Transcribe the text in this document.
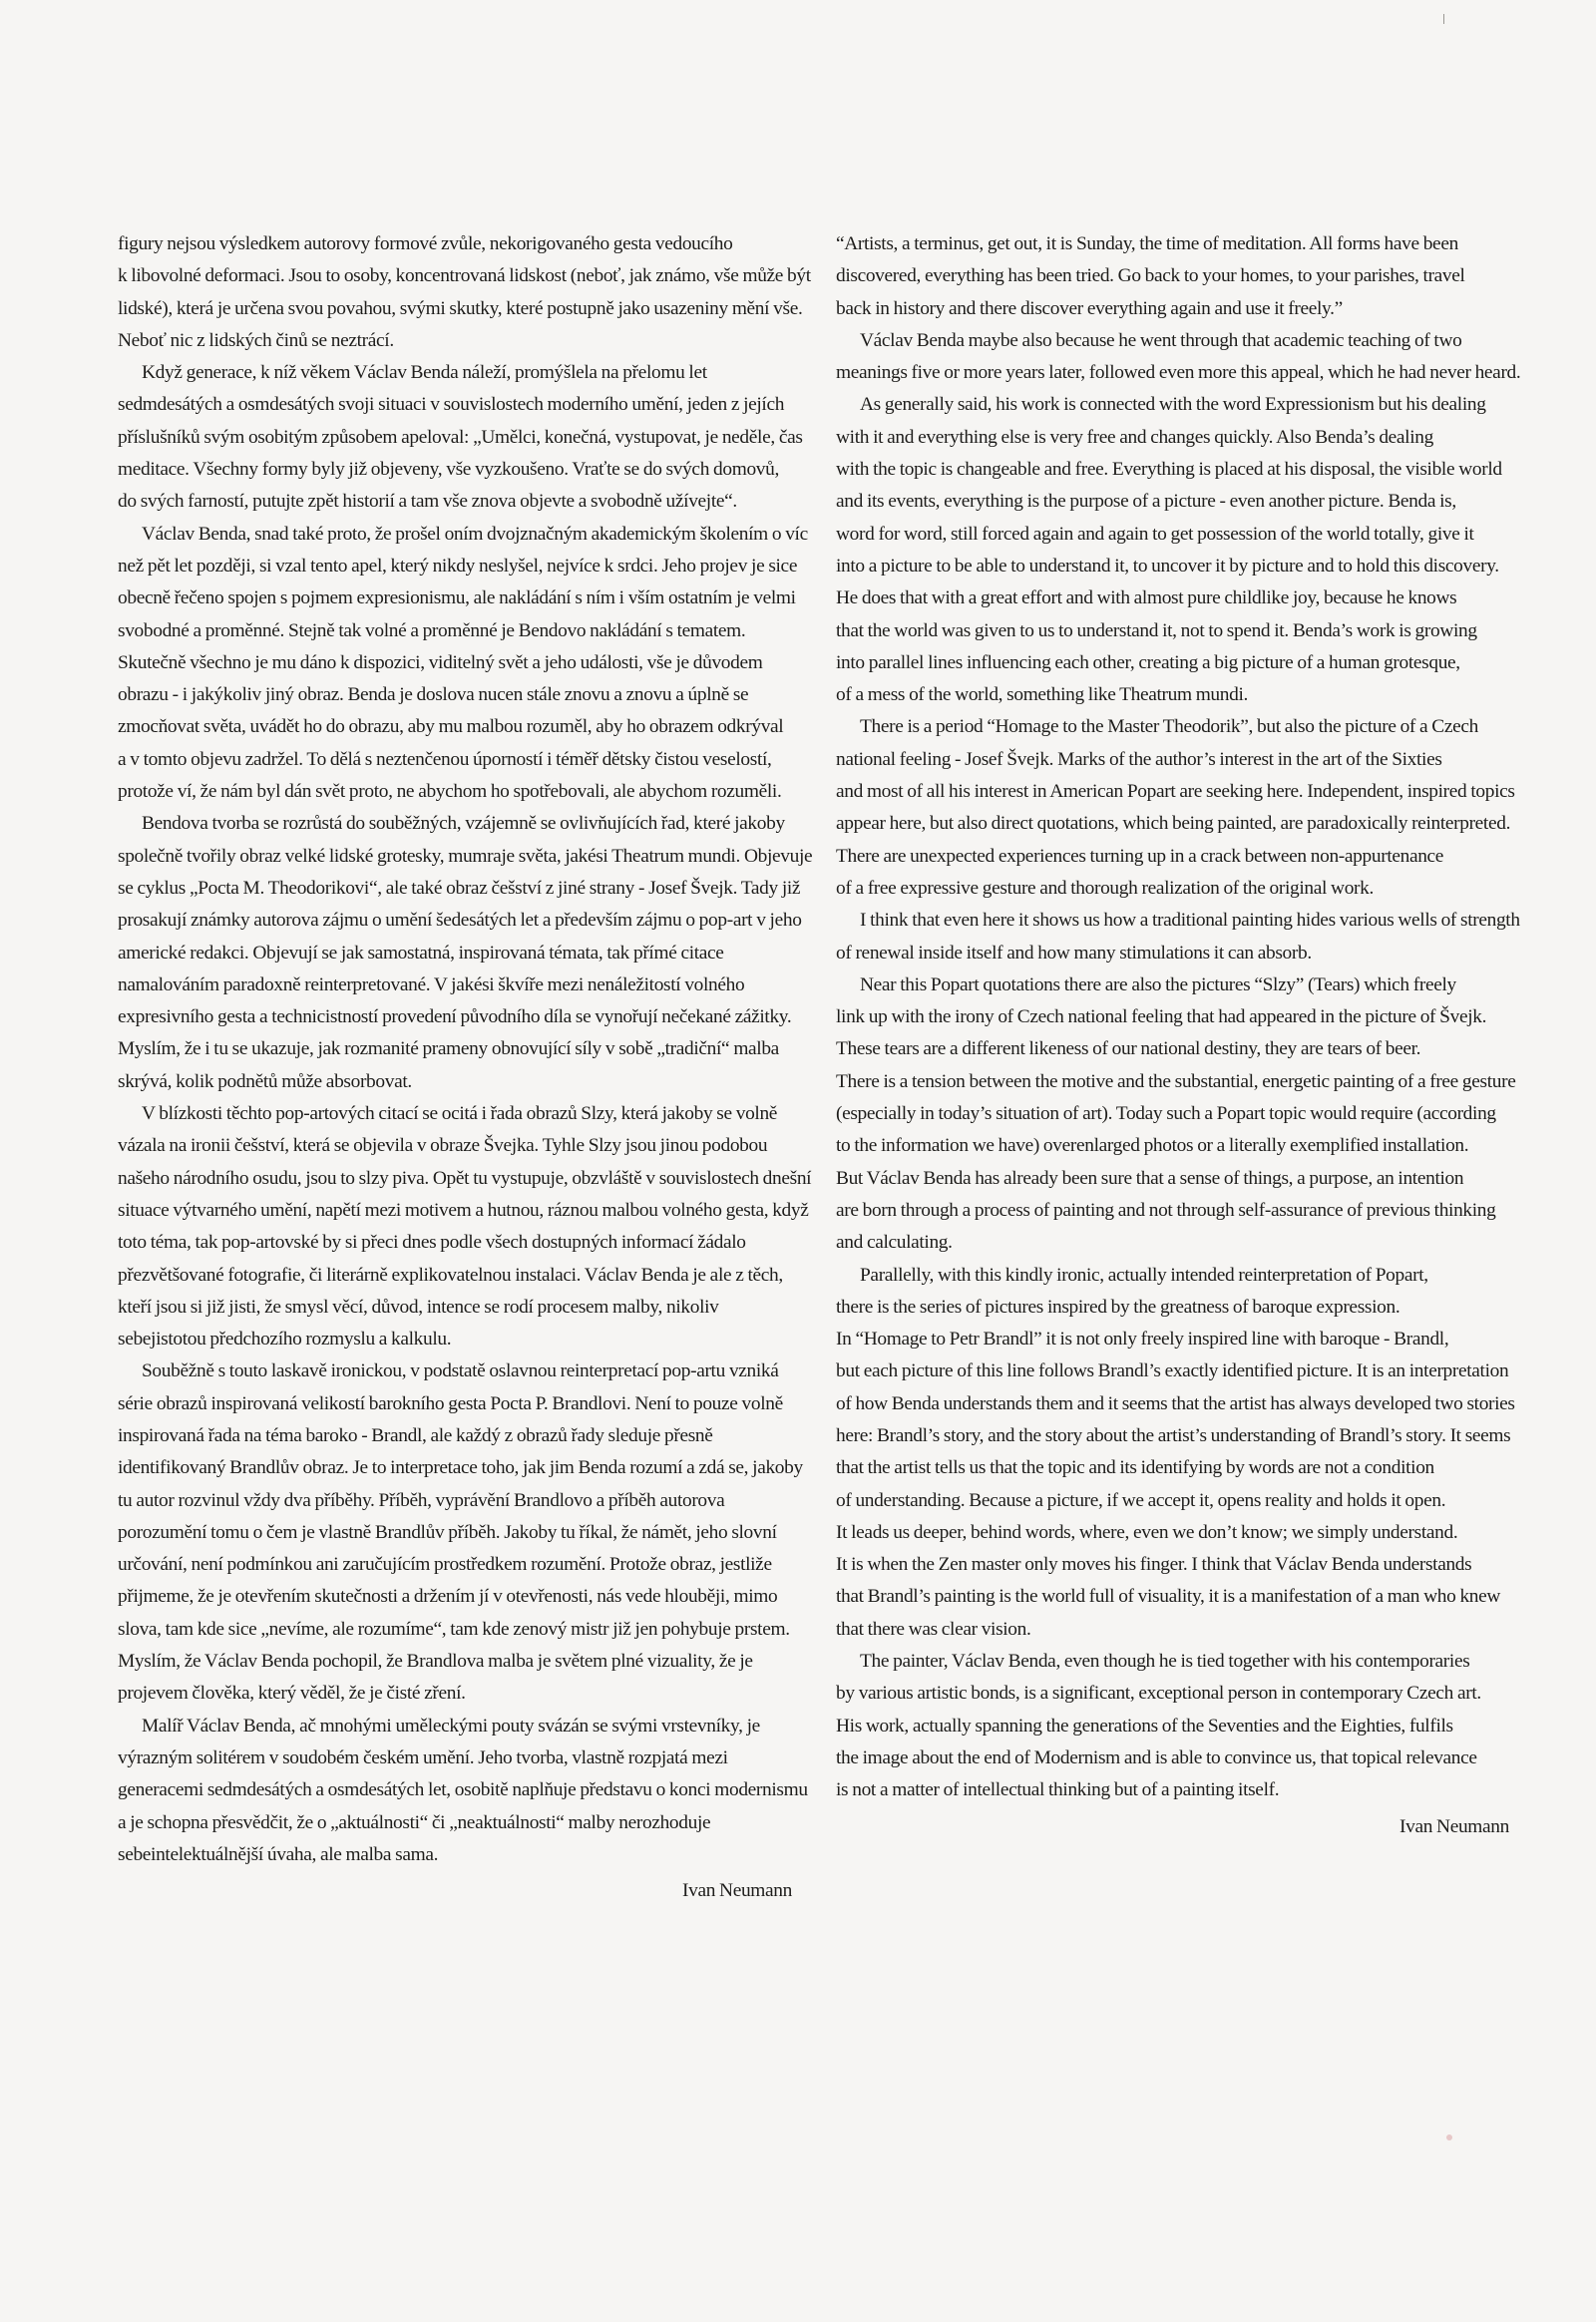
figury nejsou výsledkem autorovy formové zvůle, nekorigovaného gesta vedoucího
k libovolné deformaci. Jsou to osoby, koncentrovaná lidskost (neboť, jak známo, vše může být
lidské), která je určena svou povahou, svými skutky, které postupně jako usazeniny mění vše.
Neboť nic z lidských činů se neztrácí.

Když generace, k níž věkem Václav Benda náleží, promýšlela na přelomu let
sedmdesátých a osmdesátých svoji situaci v souvislostech moderního umění, jeden z jejích
příslušníků svým osobitým způsobem apeloval: „Umělci, konečná, vystupovat, je neděle, čas
meditace. Všechny formy byly již objeveny, vše vyzkoušeno. Vraťte se do svých domovů,
do svých farností, putujte zpět historií a tam vše znova objevte a svobodně užívejte“.

Václav Benda, snad také proto, že prošel oním dvojznačným akademickým školením o víc
než pět let později, si vzal tento apel, který nikdy neslyšel, nejvíce k srdci. Jeho projev je sice
obecně řečeno spojen s pojmem expresionismu, ale nakládání s ním i vším ostatním je velmi
svobodné a proměnné. Stejně tak volné a proměnné je Bendovo nakládání s tematem.
Skutečně všechno je mu dáno k dispozici, viditelný svět a jeho události, vše je důvodem
obrazu - i jakýkoliv jiný obraz. Benda je doslova nucen stále znovu a znovu a úplně se
zmocňovat světa, uvádět ho do obrazu, aby mu malbou rozuměl, aby ho obrazem odkrýval
a v tomto objevu zadržel. To dělá s neztenčenou úporností i téměř dětsky čistou veselostí,
protože ví, že nám byl dán svět proto, ne abychom ho spotřebovali, ale abychom rozuměli.

Bendova tvorba se rozrůstá do souběžných, vzájemně se ovlivňujících řad, které jakoby
společně tvořily obraz velké lidské grotesky, mumraje světa, jakési Theatrum mundi. Objevuje
se cyklus „Pocta M. Theodorikovi“, ale také obraz češství z jiné strany - Josef Švejk. Tady již
prosakují známky autorova zájmu o umění šedesátých let a především zájmu o pop-art v jeho
americké redakci. Objevují se jak samostatná, inspirovaná témata, tak přímé citace
namalováním paradoxně reinterpretované. V jakési škvíře mezi nenáležitostí volného
expresivního gesta a technicistností provedení původního díla se vynořují nečekané zážitky.
Myslím, že i tu se ukazuje, jak rozmanité prameny obnovující síly v sobě „tradiční“ malba
skrývá, kolik podnětů může absorbovat.

V blízkosti těchto pop-artových citací se ocitá i řada obrazů Slzy, která jakoby se volně
vázala na ironii češství, která se objevila v obraze Švejka. Tyhle Slzy jsou jinou podobou
našeho národního osudu, jsou to slzy piva. Opět tu vystupuje, obzvláště v souvislostech dnešní
situace výtvarného umění, napětí mezi motivem a hutnou, ráznou malbou volného gesta, když
toto téma, tak pop-artovské by si přeci dnes podle všech dostupných informací žádalo
přezvětšované fotografie, či literárně explikovatelnou instalaci. Václav Benda je ale z těch,
kteří jsou si již jisti, že smysl věcí, důvod, intence se rodí procesem malby, nikoliv
sebejistotou předchozího rozmyslu a kalkulu.

Souběžně s touto laskavě ironickou, v podstatě oslavnou reinterpretací pop-artu vzniká
série obrazů inspirovaná velikostí barokního gesta Pocta P. Brandlovi. Není to pouze volně
inspirovaná řada na téma baroko - Brandl, ale každý z obrazů řady sleduje přesně
identifikovaný Brandlův obraz. Je to interpretace toho, jak jim Benda rozumí a zdá se, jakoby
tu autor rozvinul vždy dva příběhy. Příběh, vyprávění Brandlovo a příběh autorova
porozumění tomu o čem je vlastně Brandlův příběh. Jakoby tu říkal, že námět, jeho slovní
určování, není podmínkou ani zaručujícím prostředkem rozumění. Protože obraz, jestliže
přijmeme, že je otevřením skutečnosti a držením jí v otevřenosti, nás vede hlouběji, mimo
slova, tam kde sice „nevíme, ale rozumíme“, tam kde zenový mistr již jen pohybuje prstem.
Myslím, že Václav Benda pochopil, že Brandlova malba je světem plné vizuality, že je
projevem člověka, který věděl, že je čisté zření.

Malíř Václav Benda, ač mnohými uměleckými pouty svázán se svými vrstevníky, je
výrazným solitérem v soudobém českém umění. Jeho tvorba, vlastně rozpjatá mezi
generacemi sedmdesátých a osmdesátých let, osobitě naplňuje představu o konci modernismu
a je schopna přesvědčit, že o „aktuálnosti“ či „neaktuálnosti“ malby nerozhoduje
sebeintelektuálnější úvaha, ale malba sama.

Ivan Neumann

“Artists, a terminus, get out, it is Sunday, the time of meditation. All forms have been
discovered, everything has been tried. Go back to your homes, to your parishes, travel
back in history and there discover everything again and use it freely.”

Václav Benda maybe also because he went through that academic teaching of two
meanings five or more years later, followed even more this appeal, which he had never heard.

As generally said, his work is connected with the word Expressionism but his dealing
with it and everything else is very free and changes quickly. Also Benda’s dealing
with the topic is changeable and free. Everything is placed at his disposal, the visible world
and its events, everything is the purpose of a picture - even another picture. Benda is,
word for word, still forced again and again to get possession of the world totally, give it
into a picture to be able to understand it, to uncover it by picture and to hold this discovery.
He does that with a great effort and with almost pure childlike joy, because he knows
that the world was given to us to understand it, not to spend it. Benda’s work is growing
into parallel lines influencing each other, creating a big picture of a human grotesque,
of a mess of the world, something like Theatrum mundi.

There is a period “Homage to the Master Theodorik”, but also the picture of a Czech
national feeling - Josef Švejk. Marks of the author’s interest in the art of the Sixties
and most of all his interest in American Popart are seeking here. Independent, inspired topics
appear here, but also direct quotations, which being painted, are paradoxically reinterpreted.
There are unexpected experiences turning up in a crack between non-appurtenance
of a free expressive gesture and thorough realization of the original work.

I think that even here it shows us how a traditional painting hides various wells of strength
of renewal inside itself and how many stimulations it can absorb.

Near this Popart quotations there are also the pictures “Slzy” (Tears) which freely
link up with the irony of Czech national feeling that had appeared in the picture of Švejk.
These tears are a different likeness of our national destiny, they are tears of beer.
There is a tension between the motive and the substantial, energetic painting of a free gesture
(especially in today’s situation of art). Today such a Popart topic would require (according
to the information we have) overenlarged photos or a literally exemplified installation.
But Václav Benda has already been sure that a sense of things, a purpose, an intention
are born through a process of painting and not through self-assurance of previous thinking
and calculating.

Parallelly, with this kindly ironic, actually intended reinterpretation of Popart,
there is the series of pictures inspired by the greatness of baroque expression.
In “Homage to Petr Brandl” it is not only freely inspired line with baroque - Brandl,
but each picture of this line follows Brandl’s exactly identified picture. It is an interpretation
of how Benda understands them and it seems that the artist has always developed two stories
here: Brandl’s story, and the story about the artist’s understanding of Brandl’s story. It seems
that the artist tells us that the topic and its identifying by words are not a condition
of understanding. Because a picture, if we accept it, opens reality and holds it open.
It leads us deeper, behind words, where, even we don’t know; we simply understand.
It is when the Zen master only moves his finger. I think that Václav Benda understands
that Brandl’s painting is the world full of visuality, it is a manifestation of a man who knew
that there was clear vision.

The painter, Václav Benda, even though he is tied together with his contemporaries
by various artistic bonds, is a significant, exceptional person in contemporary Czech art.
His work, actually spanning the generations of the Seventies and the Eighties, fulfils
the image about the end of Modernism and is able to convince us, that topical relevance
is not a matter of intellectual thinking but of a painting itself.

Ivan Neumann
